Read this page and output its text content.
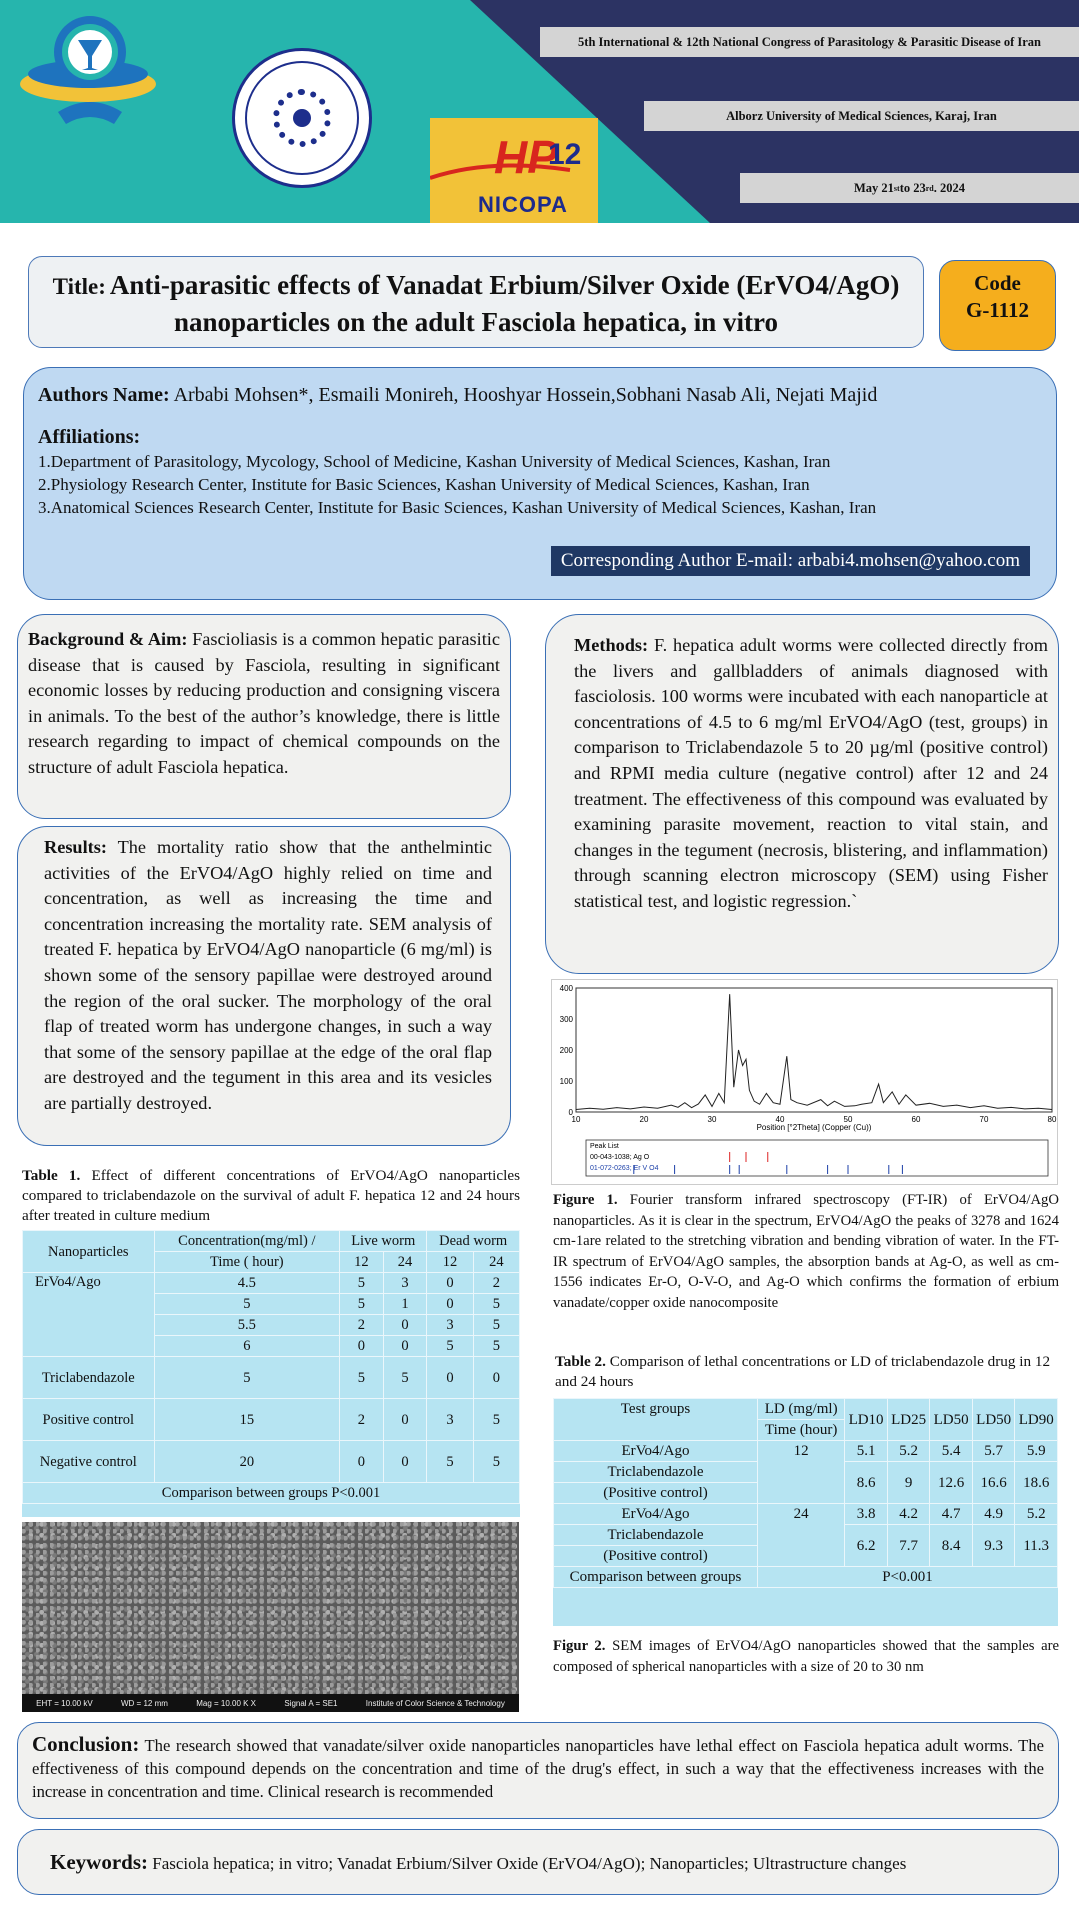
HP
12
NICOPA
5th International & 12th National Congress of Parasitology & Parasitic Disease of Iran
Alborz University of Medical Sciences, Karaj, Iran
May 21 st to 23 rd . 2024
Title: Anti-parasitic effects of Vanadat Erbium/Silver Oxide (ErVO4/AgO) nanoparticles on the adult Fasciola hepatica, in vitro
Code
G-1112
Authors Name: Arbabi Mohsen*, Esmaili Monireh, Hooshyar Hossein,Sobhani Nasab Ali, Nejati Majid
Affiliations:
1.Department of Parasitology, Mycology, School of Medicine, Kashan University of Medical Sciences, Kashan, Iran
2.Physiology Research Center, Institute for Basic Sciences, Kashan University of Medical Sciences, Kashan, Iran
3.Anatomical Sciences Research Center, Institute for Basic Sciences, Kashan University of Medical Sciences, Kashan, Iran
Corresponding Author E-mail: arbabi4.mohsen@yahoo.com
Background & Aim: Fascioliasis is a common hepatic parasitic disease that is caused by Fasciola, resulting in significant economic losses by reducing production and consigning viscera in animals. To the best of the author’s knowledge, there is little research regarding to impact of chemical compounds on the structure of adult Fasciola hepatica.
Results: The mortality ratio show that the anthelmintic activities of the ErVO4/AgO highly relied on time and concentration, as well as increasing the time and concentration increasing the mortality rate. SEM analysis of treated F. hepatica by ErVO4/AgO nanoparticle (6 mg/ml) is shown some of the sensory papillae were destroyed around the region of the oral sucker. The morphology of the oral flap of treated worm has undergone changes, in such a way that some of the sensory papillae at the edge of the oral flap are destroyed and the tegument in this area and its vesicles are partially destroyed.
Methods: F. hepatica adult worms were collected directly from the livers and gallbladders of animals diagnosed with fasciolosis. 100 worms were incubated with each nanoparticle at concentrations of 4.5 to 6 mg/ml ErVO4/AgO (test, groups) in comparison to Triclabendazole 5 to 20 µg/ml (positive control) and RPMI media culture (negative control) after 12 and 24 treatment. The effectiveness of this compound was evaluated by examining parasite movement, reaction to vital stain, and changes in the tegument (necrosis, blistering, and inflammation) through scanning electron microscopy (SEM) using Fisher statistical test, and logistic regression.`
Table 1. Effect of different concentrations of ErVO4/AgO nanoparticles compared to triclabendazole on the survival of adult F. hepatica 12 and 24 hours after treated in culture medium
Nanoparticles	Concentration(mg/ml) /	Live worm		Dead worm	
	Time ( hour)	12	24	12	24
ErVo4/Ago	4.5	5	3	0	2
	5	5	1	0	5
	5.5	2	0	3	5
	6	0	0	5	5
Triclabendazole	5	5	5	0	0
Positive control	15	2	0	3	5
Negative control	20	0	0	5	5
Comparison between groups P<0.001					
EHT = 10.00 kV	WD = 12 mm	Mag = 10.00 K X	Signal A = SE1	Institute of Color Science & Technology
0
100
200
300
400
10	20	30	40	50	60	70	80
Position [°2Theta] (Copper (Cu))
Peak List
00-043-1038; Ag O
01-072-0263; Er V O4
Figure 1. Fourier transform infrared spectroscopy (FT-IR) of ErVO4/AgO nanoparticles. As it is clear in the spectrum, ErVO4/AgO the peaks of 3278 and 1624 cm-1are related to the stretching vibration and bending vibration of water. In the FT-IR spectrum of ErVO4/AgO samples, the absorption bands at Ag-O, as well as cm-1556 indicates Er-O, O-V-O, and Ag-O which confirms the formation of erbium vanadate/copper oxide nanocomposite
Table 2. Comparison of lethal concentrations or LD of triclabendazole drug in 12 and 24 hours
Test groups	LD (mg/ml)	LD10	LD25	LD50	LD50	LD90
	Time (hour)					
ErVo4/Ago	12	5.1	5.2	5.4	5.7	5.9
Triclabendazole		8.6	9	12.6	16.6	18.6
(Positive control)						
ErVo4/Ago	24	3.8	4.2	4.7	4.9	5.2
Triclabendazole		6.2	7.7	8.4	9.3	11.3
(Positive control)						
Comparison between groups	P<0.001					
Figur 2. SEM images of ErVO4/AgO nanoparticles showed that the samples are composed of spherical nanoparticles with a size of 20 to 30 nm
Conclusion: The research showed that vanadate/silver oxide nanoparticles nanoparticles have lethal effect on Fasciola hepatica adult worms. The effectiveness of this compound depends on the concentration and time of the drug's effect, in such a way that the effectiveness increases with the increase in concentration and time. Clinical research is recommended
Keywords: Fasciola hepatica; in vitro; Vanadat Erbium/Silver Oxide (ErVO4/AgO); Nanoparticles; Ultrastructure changes
